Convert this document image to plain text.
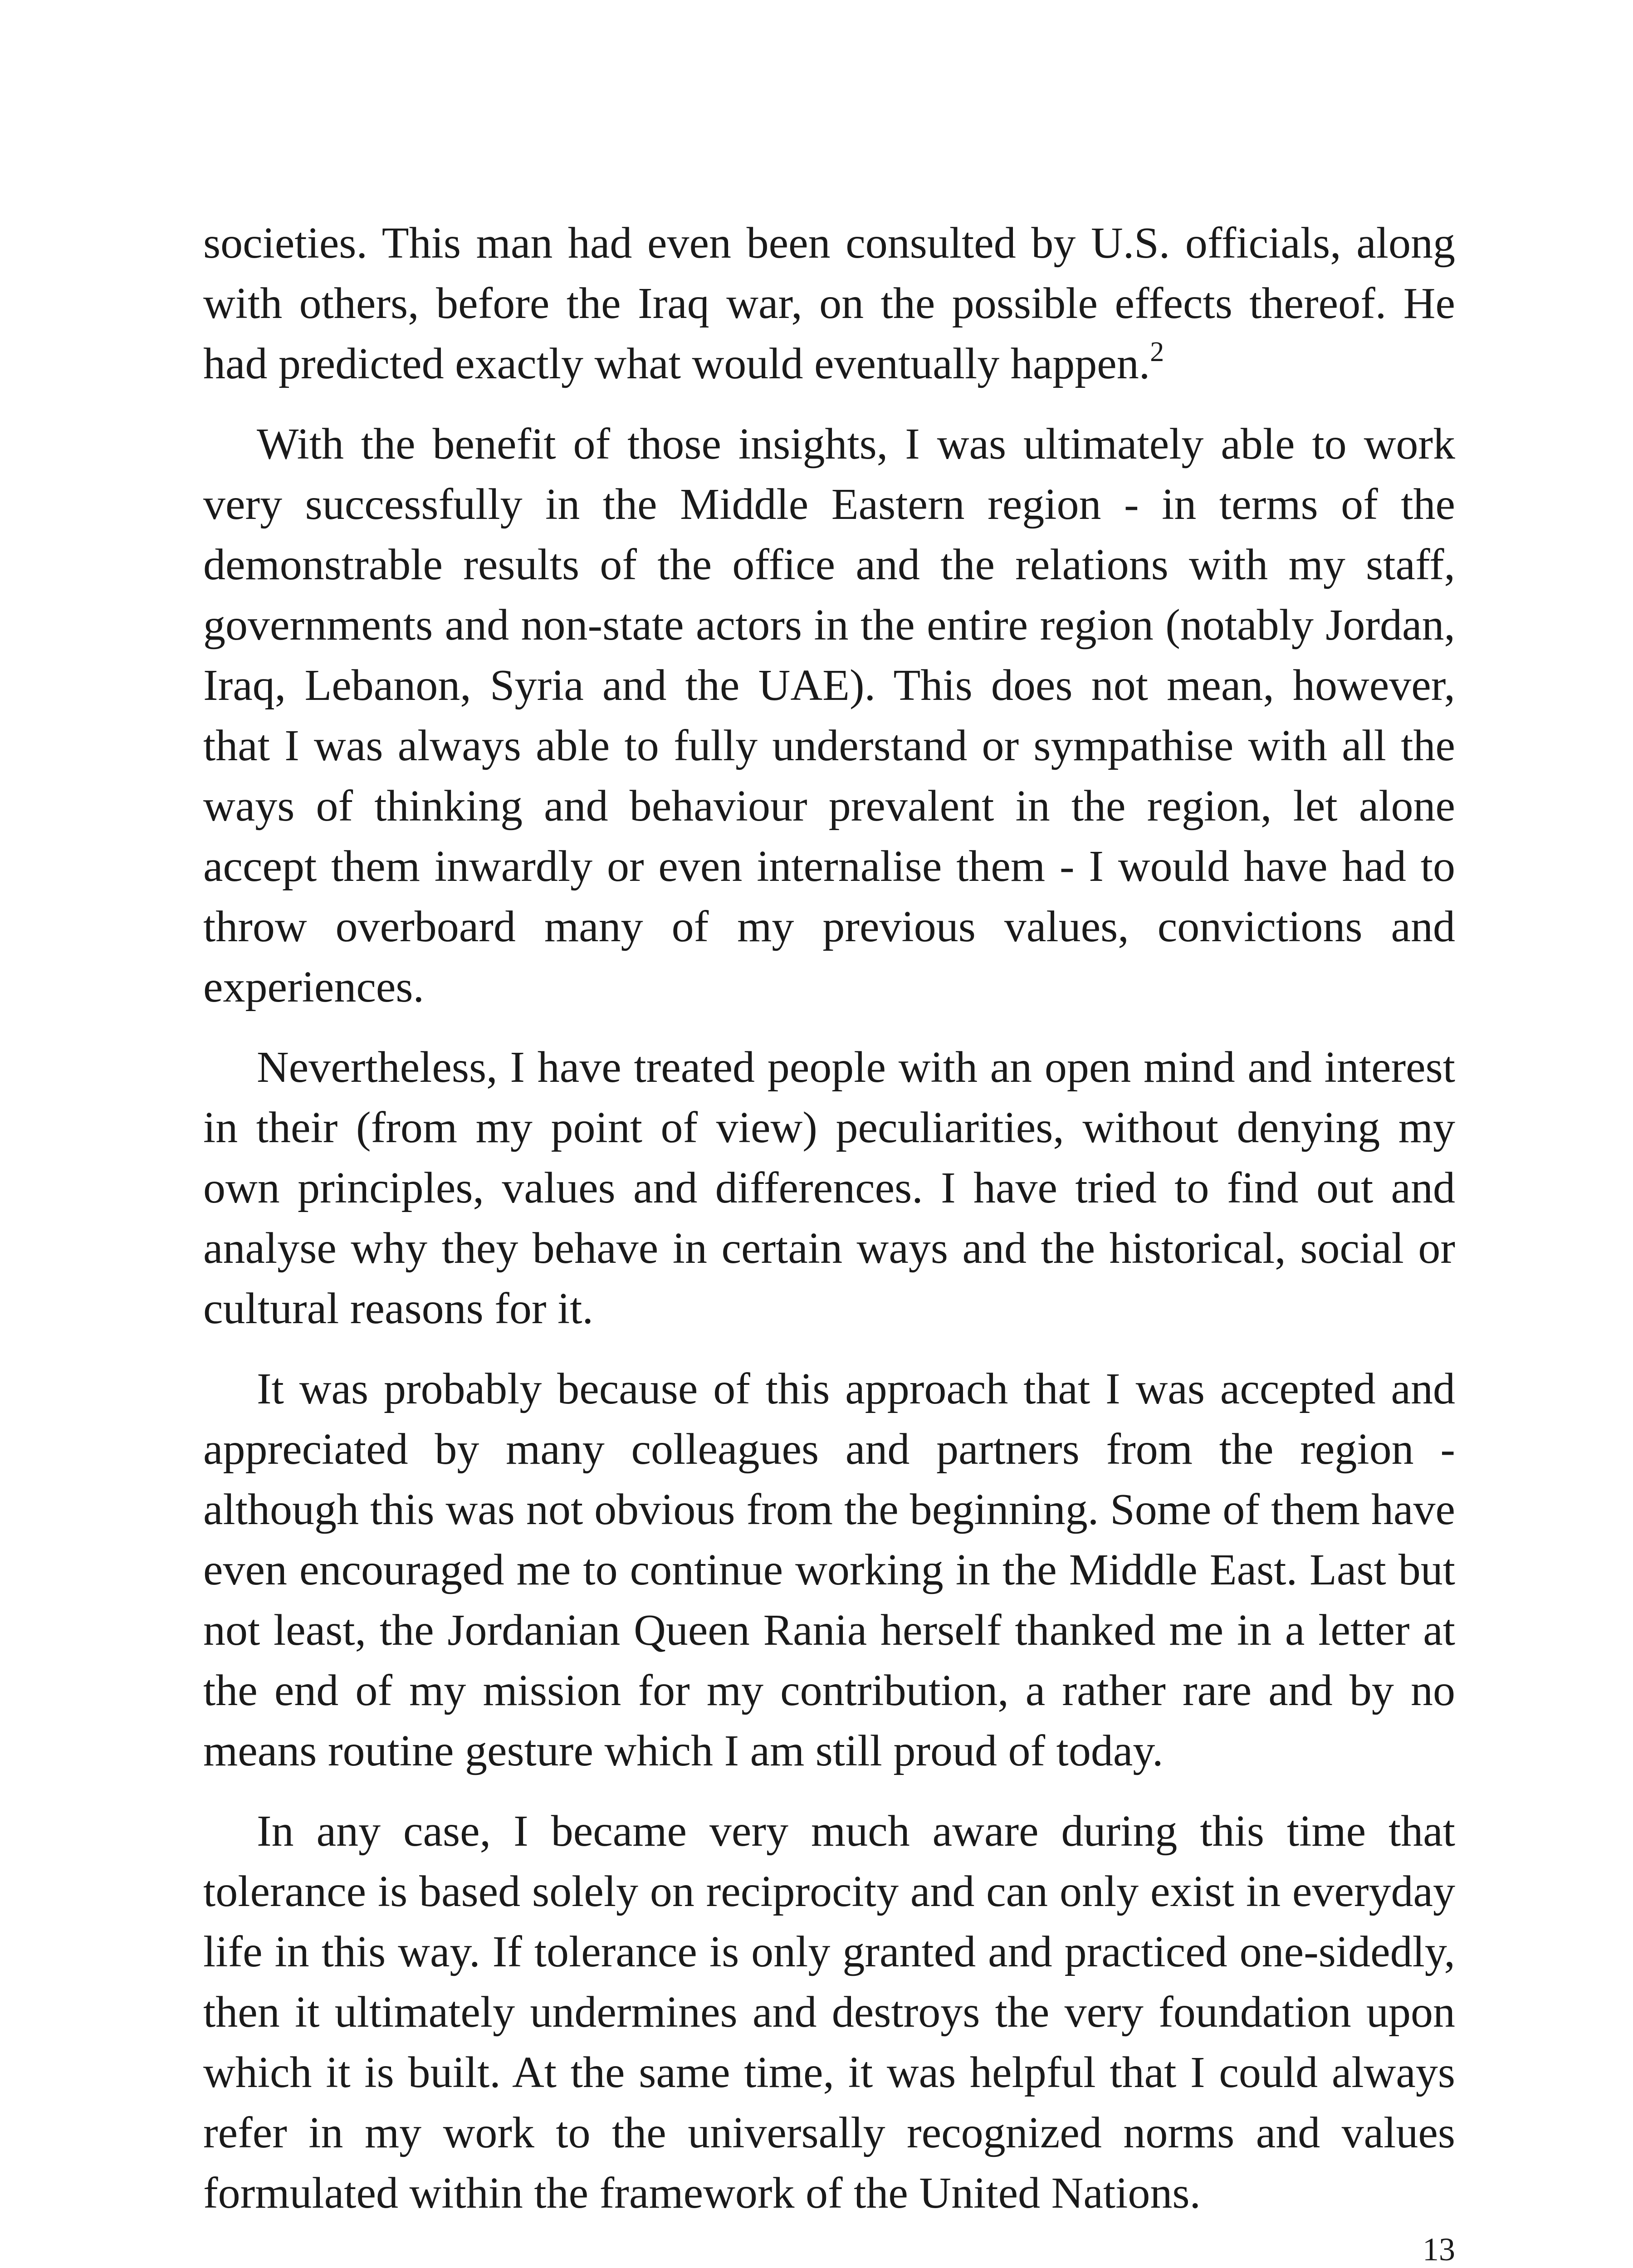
societies. This man had even been consulted by U.S. officials, along with others, before the Iraq war, on the possible effects thereof. He had predicted exactly what would eventually happen.$^2$

With the benefit of those insights, I was ultimately able to work very successfully in the Middle Eastern region - in terms of the demonstrable results of the office and the relations with my staff, governments and non-state actors in the entire region (notably Jordan, Iraq, Lebanon, Syria and the UAE). This does not mean, however, that I was always able to fully understand or sympathise with all the ways of thinking and behaviour prevalent in the region, let alone accept them inwardly or even internalise them - I would have had to throw overboard many of my previous values, convictions and experiences.

Nevertheless, I have treated people with an open mind and interest in their (from my point of view) peculiarities, without denying my own principles, values and differences. I have tried to find out and analyse why they behave in certain ways and the historical, social or cultural reasons for it.

It was probably because of this approach that I was accepted and appreciated by many colleagues and partners from the region - although this was not obvious from the beginning. Some of them have even encouraged me to continue working in the Middle East. Last but not least, the Jordanian Queen Rania herself thanked me in a letter at the end of my mission for my contribution, a rather rare and by no means routine gesture which I am still proud of today.

In any case, I became very much aware during this time that tolerance is based solely on reciprocity and can only exist in everyday life in this way. If tolerance is only granted and practiced one-sidedly, then it ultimately undermines and destroys the very foundation upon which it is built. At the same time, it was helpful that I could always refer in my work to the universally recognized norms and values formulated within the framework of the United Nations.

13
